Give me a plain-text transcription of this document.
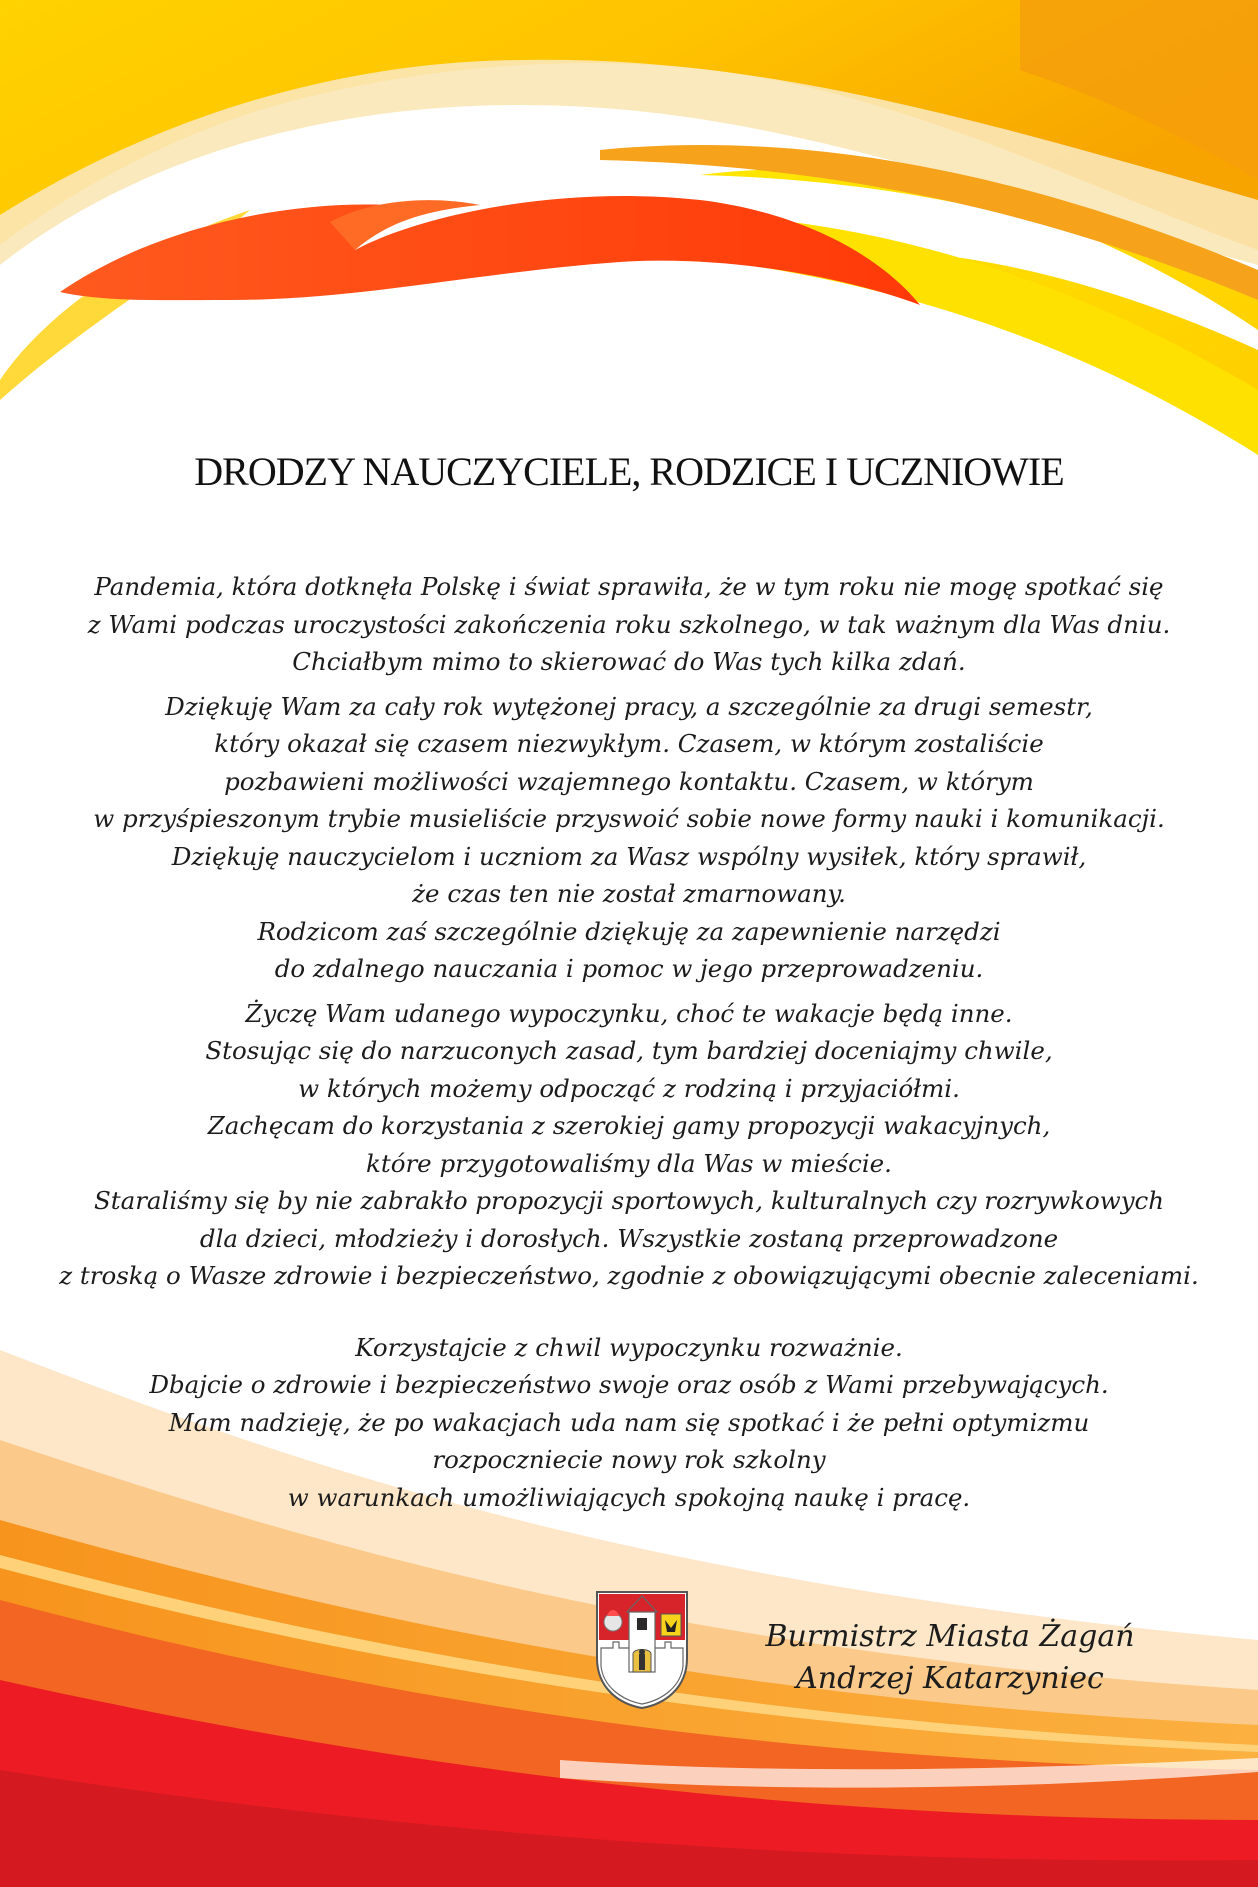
DRODZY NAUCZYCIELE, RODZICE I UCZNIOWIE

Pandemia, która dotknęła Polskę i świat sprawiła, że w tym roku nie mogę spotkać się
z Wami podczas uroczystości zakończenia roku szkolnego, w tak ważnym dla Was dniu.
Chciałbym mimo to skierować do Was tych kilka zdań.

Dziękuję Wam za cały rok wytężonej pracy, a szczególnie za drugi semestr,
który okazał się czasem niezwykłym. Czasem, w którym zostaliście
pozbawieni możliwości wzajemnego kontaktu. Czasem, w którym
w przyśpieszonym trybie musieliście przyswoić sobie nowe formy nauki i komunikacji.
Dziękuję nauczycielom i uczniom za Wasz wspólny wysiłek, który sprawił,
że czas ten nie został zmarnowany.
Rodzicom zaś szczególnie dziękuję za zapewnienie narzędzi
do zdalnego nauczania i pomoc w jego przeprowadzeniu.

Życzę Wam udanego wypoczynku, choć te wakacje będą inne.
Stosując się do narzuconych zasad, tym bardziej doceniajmy chwile,
w których możemy odpocząć z rodziną i przyjaciółmi.
Zachęcam do korzystania z szerokiej gamy propozycji wakacyjnych,
które przygotowaliśmy dla Was w mieście.
Staraliśmy się by nie zabrakło propozycji sportowych, kulturalnych czy rozrywkowych
dla dzieci, młodzieży i dorosłych. Wszystkie zostaną przeprowadzone
z troską o Wasze zdrowie i bezpieczeństwo, zgodnie z obowiązującymi obecnie zaleceniami.

Korzystajcie z chwil wypoczynku rozważnie.
Dbajcie o zdrowie i bezpieczeństwo swoje oraz osób z Wami przebywających.
Mam nadzieję, że po wakacjach uda nam się spotkać i że pełni optymizmu
rozpoczniecie nowy rok szkolny
w warunkach umożliwiających spokojną naukę i pracę.

Burmistrz Miasta Żagań
Andrzej Katarzyniec
